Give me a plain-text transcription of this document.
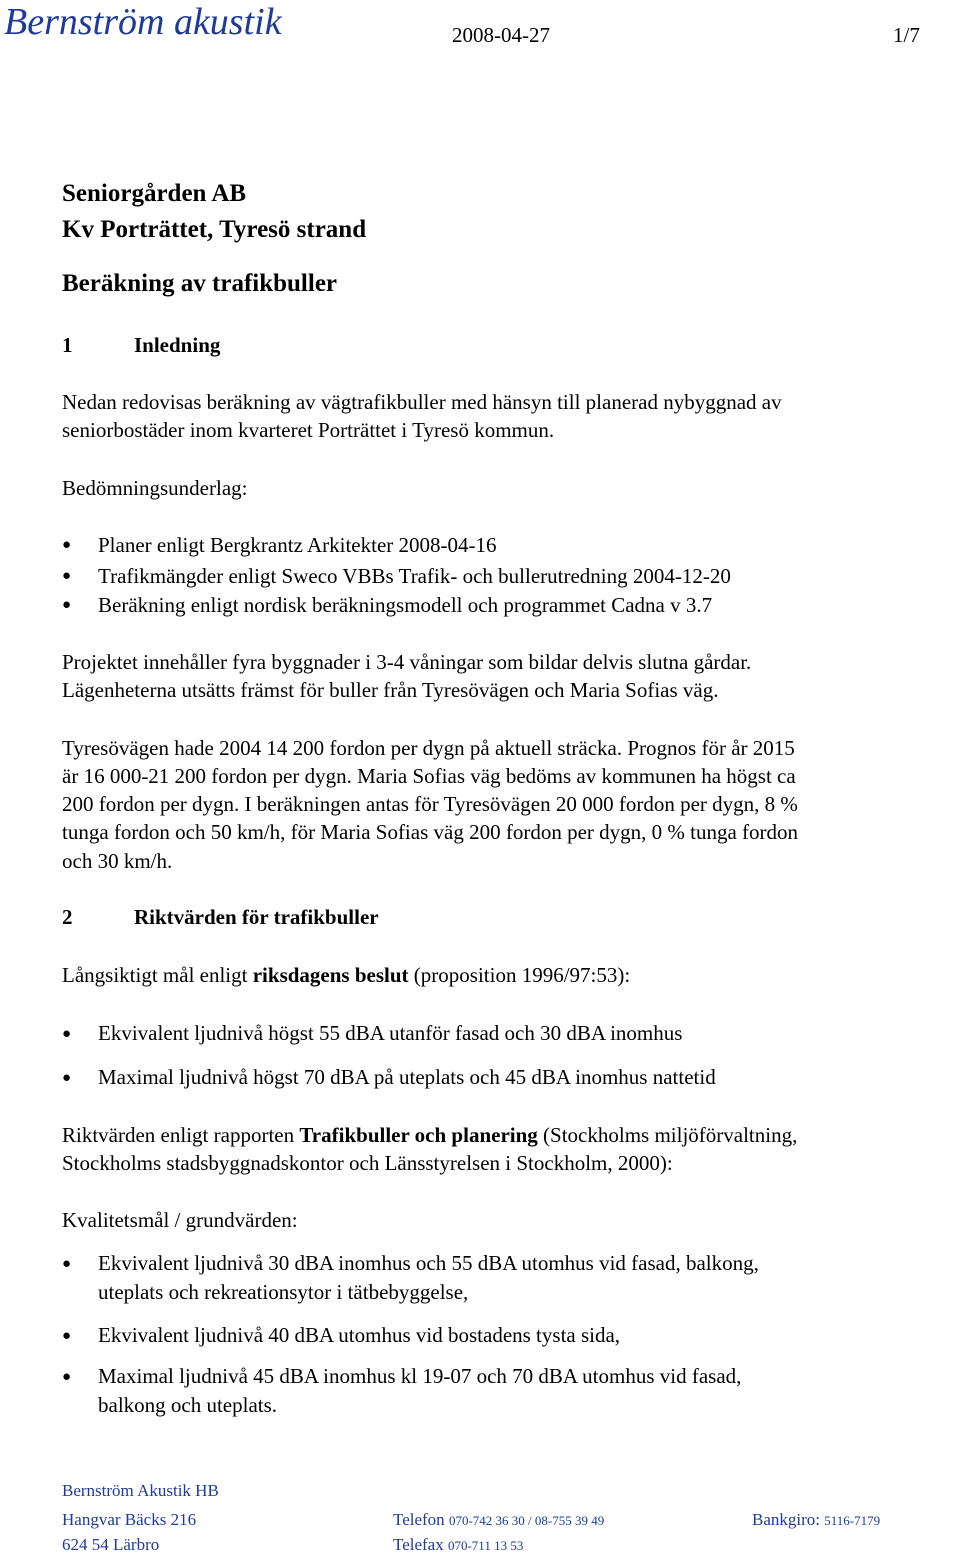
Bernström akustik	2008-04-27	1/7
Seniorgården AB
Kv Porträttet, Tyresö strand
Beräkning av trafikbuller
1	Inledning
Nedan redovisas beräkning av vägtrafikbuller med hänsyn till planerad nybyggnad av
seniorbostäder inom kvarteret Porträttet i Tyresö kommun.
Bedömningsunderlag:
● Planer enligt Bergkrantz Arkitekter 2008-04-16
● Trafikmängder enligt Sweco VBBs Trafik- och bullerutredning 2004-12-20
● Beräkning enligt nordisk beräkningsmodell och programmet Cadna v 3.7
Projektet innehåller fyra byggnader i 3-4 våningar som bildar delvis slutna gårdar.
Lägenheterna utsätts främst för buller från Tyresövägen och Maria Sofias väg.
Tyresövägen hade 2004 14 200 fordon per dygn på aktuell sträcka. Prognos för år 2015
är 16 000-21 200 fordon per dygn. Maria Sofias väg bedöms av kommunen ha högst ca
200 fordon per dygn. I beräkningen antas för Tyresövägen 20 000 fordon per dygn, 8 %
tunga fordon och 50 km/h, för Maria Sofias väg 200 fordon per dygn, 0 % tunga fordon
och 30 km/h.
2	Riktvärden för trafikbuller
Långsiktigt mål enligt riksdagens beslut (proposition 1996/97:53):
● Ekvivalent ljudnivå högst 55 dBA utanför fasad och 30 dBA inomhus
● Maximal ljudnivå högst 70 dBA på uteplats och 45 dBA inomhus nattetid
Riktvärden enligt rapporten Trafikbuller och planering (Stockholms miljöförvaltning,
Stockholms stadsbyggnadskontor och Länsstyrelsen i Stockholm, 2000):
Kvalitetsmål / grundvärden:
● Ekvivalent ljudnivå 30 dBA inomhus och 55 dBA utomhus vid fasad, balkong,
uteplats och rekreationsytor i tätbebyggelse,
● Ekvivalent ljudnivå 40 dBA utomhus vid bostadens tysta sida,
● Maximal ljudnivå 45 dBA inomhus kl 19-07 och 70 dBA utomhus vid fasad,
balkong och uteplats.
Bernström Akustik HB
Hangvar Bäcks 216
624 54 Lärbro
Telefon 070-742 36 30 / 08-755 39 49
Telefax 070-711 13 53
Bankgiro: 5116-7179
